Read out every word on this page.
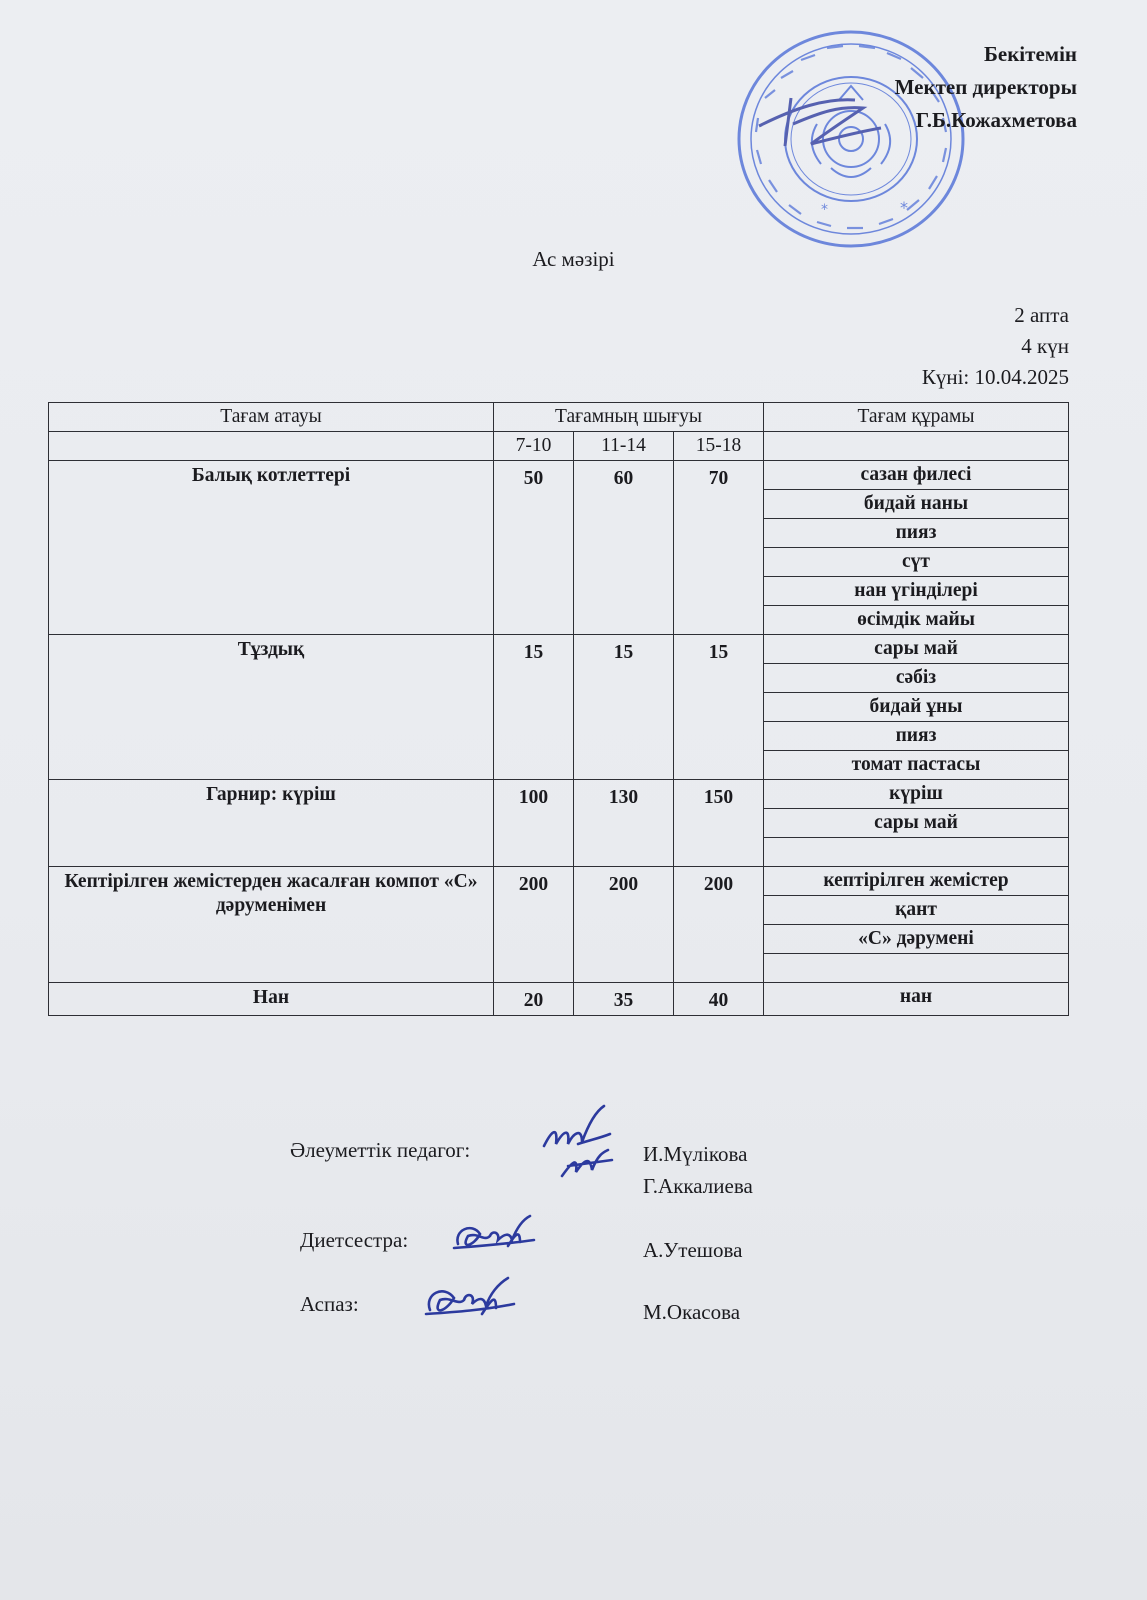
*
*
Бекітемін
Мектеп директоры
Г.Б.Кожахметова
Ас мәзірі
2 апта
4 күн
Күні: 10.04.2025
Тағам атауы	Тағамның шығуы			Тағам құрамы
	7-10	11-14	15-18	
Балық котлеттері	50	60	70	сазан филесі
				бидай наны
				пияз
				сүт
				нан үгінділері
				өсімдік майы
Тұздық	15	15	15	сары май
				сәбіз
				бидай ұны
				пияз
				томат пастасы
Гарнир: күріш	100	130	150	күріш
				сары май

Кептірілген жемістерден жасалған компот «С» дәруменімен	200	200	200	кептірілген жемістер
				қант
				«С» дәрумені

Нан	20	35	40	нан
Әлеуметтік педагог:	И.Мүлікова
Г.Аккалиева
Диетсестра:	А.Утешова
Аспаз:	М.Окасова
